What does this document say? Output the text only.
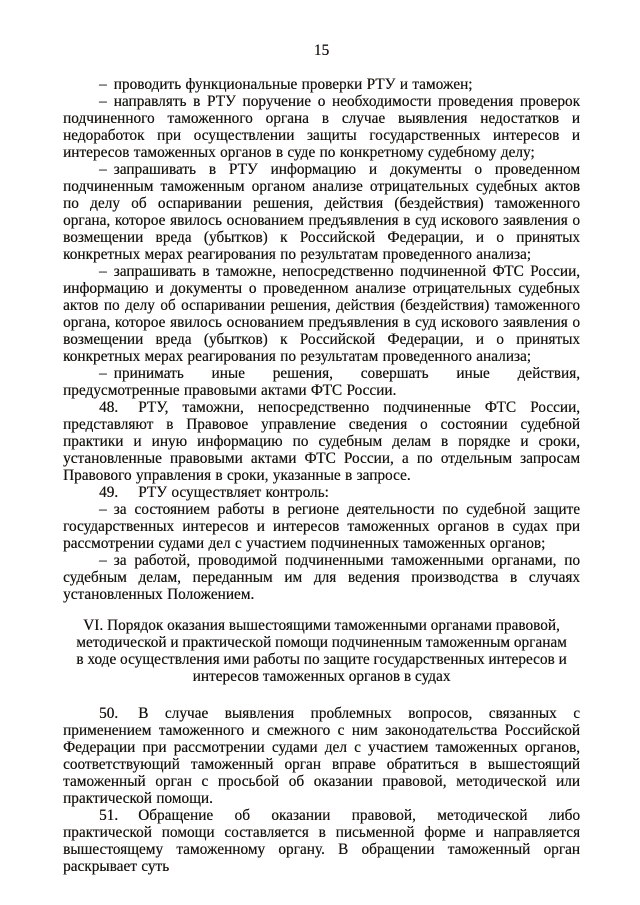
15

– проводить функциональные проверки РТУ и таможен;

– направлять в РТУ поручение о необходимости проведения проверок подчиненного таможенного органа в случае выявления недостатков и недоработок при осуществлении защиты государственных интересов и интересов таможенных органов в суде по конкретному судебному делу;

– запрашивать в РТУ информацию и документы о проведенном подчиненным таможенным органом анализе отрицательных судебных актов по делу об оспаривании решения, действия (бездействия) таможенного органа, которое явилось основанием предъявления в суд искового заявления о возмещении вреда (убытков) к Российской Федерации, и о принятых конкретных мерах реагирования по результатам проведенного анализа;

– запрашивать в таможне, непосредственно подчиненной ФТС России, информацию и документы о проведенном анализе отрицательных судебных актов по делу об оспаривании решения, действия (бездействия) таможенного органа, которое явилось основанием предъявления в суд искового заявления о возмещении вреда (убытков) к Российской Федерации, и о принятых конкретных мерах реагирования по результатам проведенного анализа;

– принимать иные решения, совершать иные действия, предусмотренные правовыми актами ФТС России.

48. РТУ, таможни, непосредственно подчиненные ФТС России, представляют в Правовое управление сведения о состоянии судебной практики и иную информацию по судебным делам в порядке и сроки, установленные правовыми актами ФТС России, а по отдельным запросам Правового управления в сроки, указанные в запросе.

49. РТУ осуществляет контроль:

– за состоянием работы в регионе деятельности по судебной защите государственных интересов и интересов таможенных органов в судах при рассмотрении судами дел с участием подчиненных таможенных органов;

– за работой, проводимой подчиненными таможенными органами, по судебным делам, переданным им для ведения производства в случаях установленных Положением.

VI. Порядок оказания вышестоящими таможенными органами правовой, методической и практической помощи подчиненным таможенным органам в ходе осуществления ими работы по защите государственных интересов и интересов таможенных органов в судах

50. В случае выявления проблемных вопросов, связанных с применением таможенного и смежного с ним законодательства Российской Федерации при рассмотрении судами дел с участием таможенных органов, соответствующий таможенный орган вправе обратиться в вышестоящий таможенный орган с просьбой об оказании правовой, методической или практической помощи.

51. Обращение об оказании правовой, методической либо практической помощи составляется в письменной форме и направляется вышестоящему таможенному органу. В обращении таможенный орган раскрывает суть
